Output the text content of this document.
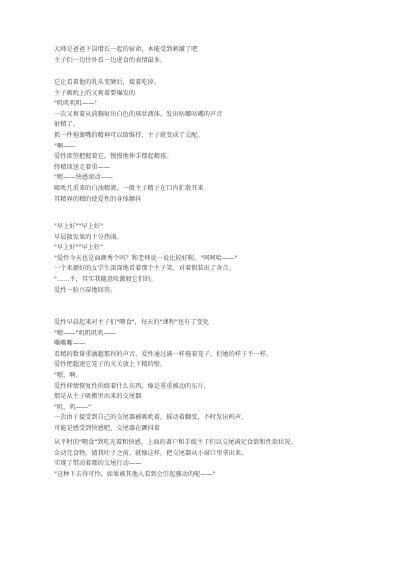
大师是爸爸下岗增长一起的宿命，本能受到刺激了吧
主子们一边往外看一边进食的表情最多。
它让看着他的乳头变硬后，接着吃掉。
主子吸吮上的又爽着要爆发的
"叽叽叽叽——！
一次又爽着从前胸射出白色的球状液体，发出咕嘟咕嘟的声音
射精了。
抓一件袍裹嘴的精神可以给维持，主子就变成了交配。
"啊——
爱性欲望把握着它，慢慢地伸手摆起精球。
终精球送走着重——
"嗯——快感滚动——
吸吮几重来的白浊精液，一般主子精子在口内扩散开来
其精界的精的使爱性的身体颤抖
"早上好""早上好"
早晨散发果的十分热闹。
"早上好""早上好"
"爱性今天也是面颜秀个吗？和老师说一说比较好喔，"呵呵哈——"
一个来源好的女学生深深地看着那个主子笑，对着假装出了舍合。
"……不，其实我随意吹源般它们的。
爱性一脸兴奋地回答。
爱性早晨起来对主子们"喂食"，每天的"课程"也有了变化
"嗯——"叽叽叽叽——
嘶嘶嘶——
看精的数量重滴超那捏的声音，爱性通过满一样拖着笼子，但她的样子不一样。
爱性把超速它笼子的关关放上下精的壁。
"嗯，啊。
爱性伸情恢复性的级着什么东西，像是重重被动的东片，
那是从主子吸搬里出来的交尾器
"叽，叽——"
一次由于接受到自己的交尾器被吸吮着，摇动着翻变，不时发出呜声。
可能是感受到快感吧，交尾器在颤抖着
从平时的"喂食"到吃光着和快感，上面的著户和手级主子们以交尾满足食欲和性欲状况。
金动完食物，猜我吐子之前，就像这样，把交尾器从小窗口里拿出来，
实现了带动着都的交尾行动——
"这种下去得可怜，如果被其他人看到会引起骚动的呢——"
